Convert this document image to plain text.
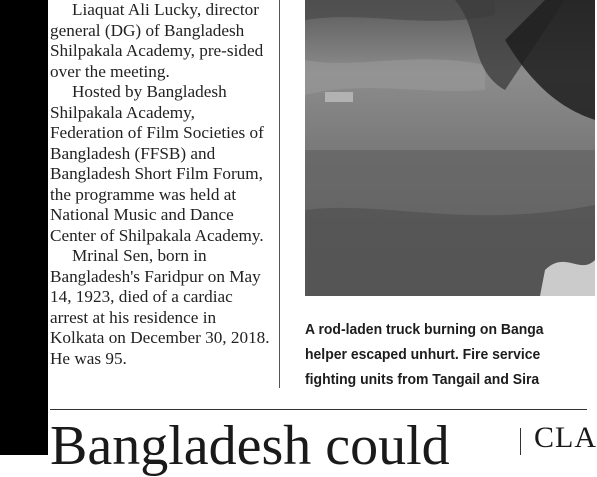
Liaquat Ali Lucky, director general (DG) of Bangladesh Shilpakala Academy, pre-sided over the meeting.

Hosted by Bangladesh Shilpakala Academy, Federation of Film Societies of Bangladesh (FFSB) and Bangladesh Short Film Forum, the programme was held at National Music and Dance Center of Shilpakala Academy.

Mrinal Sen, born in Bangladesh's Faridpur on May 14, 1923, died of a cardiac arrest at his residence in Kolkata on December 30, 2018. He was 95.

A rod-laden truck burning on Banga
helper escaped unhurt. Fire service
fighting units from Tangail and Sira
Bangladesh could	CLA
